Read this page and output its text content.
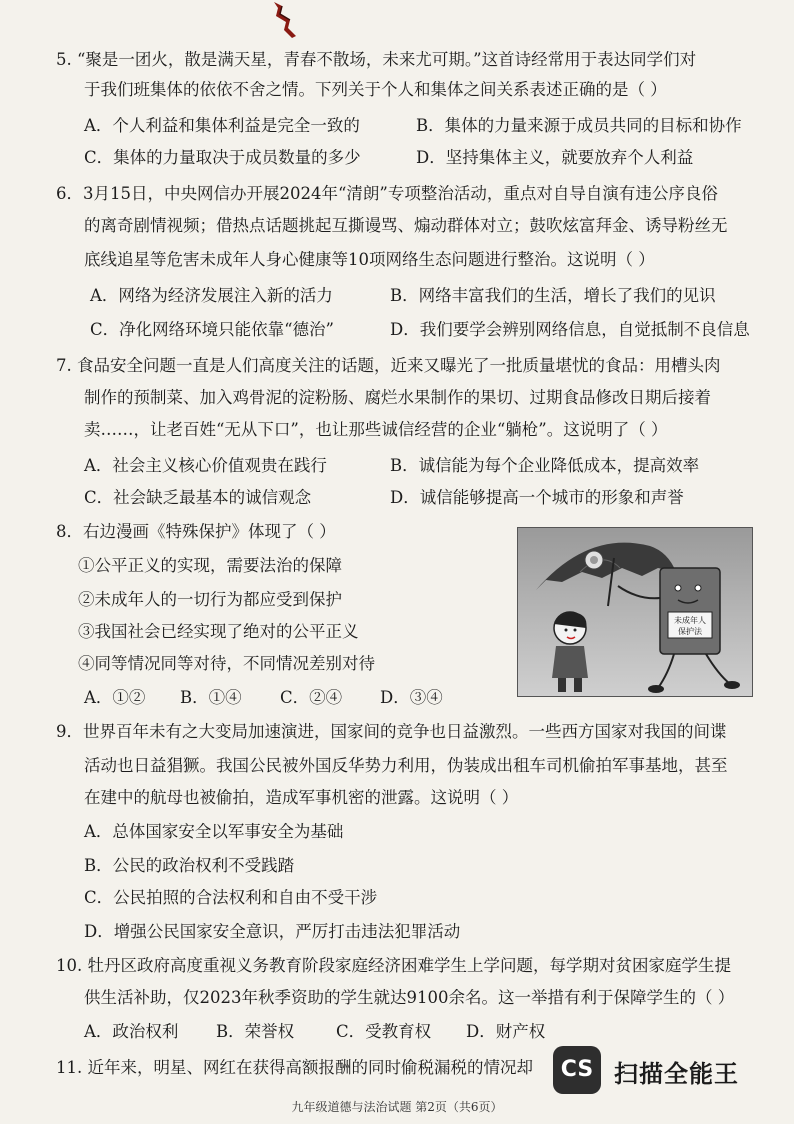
5. “聚是一团火，散是满天星，青春不散场，未来尤可期。”这首诗经常用于表达同学们对
于我们班集体的依依不舍之情。下列关于个人和集体之间关系表述正确的是（ ）
A．个人利益和集体利益是完全一致的	B．集体的力量来源于成员共同的目标和协作
C．集体的力量取决于成员数量的多少	D．坚持集体主义，就要放弃个人利益
6．3月15日，中央网信办开展2024年“清朗”专项整治活动，重点对自导自演有违公序良俗
的离奇剧情视频；借热点话题挑起互撕谩骂、煽动群体对立；鼓吹炫富拜金、诱导粉丝无
底线追星等危害未成年人身心健康等10项网络生态问题进行整治。这说明（ ）
A．网络为经济发展注入新的活力	B．网络丰富我们的生活，增长了我们的见识
C．净化网络环境只能依靠“德治”	D．我们要学会辨别网络信息，自觉抵制不良信息
7. 食品安全问题一直是人们高度关注的话题，近来又曝光了一批质量堪忧的食品：用槽头肉
制作的预制菜、加入鸡骨泥的淀粉肠、腐烂水果制作的果切、过期食品修改日期后接着
卖……，让老百姓“无从下口”，也让那些诚信经营的企业“躺枪”。这说明了（ ）
A．社会主义核心价值观贵在践行	B．诚信能为每个企业降低成本，提高效率
C．社会缺乏最基本的诚信观念	D．诚信能够提高一个城市的形象和声誉
8．右边漫画《特殊保护》体现了（ ）
①公平正义的实现，需要法治的保障
②未成年人的一切行为都应受到保护
③我国社会已经实现了绝对的公平正义
④同等情况同等对待，不同情况差别对待
A．①② B．①④ C．②④ D．③④
未成年人
保护法
9．世界百年未有之大变局加速演进，国家间的竞争也日益激烈。一些西方国家对我国的间谍
活动也日益猖獗。我国公民被外国反华势力利用，伪装成出租车司机偷拍军事基地，甚至
在建中的航母也被偷拍，造成军事机密的泄露。这说明（ ）
A．总体国家安全以军事安全为基础
B．公民的政治权利不受践踏
C．公民拍照的合法权利和自由不受干涉
D．增强公民国家安全意识，严厉打击违法犯罪活动
10. 牡丹区政府高度重视义务教育阶段家庭经济困难学生上学问题，每学期对贫困家庭学生提
供生活补助，仅2023年秋季资助的学生就达9100余名。这一举措有利于保障学生的（ ）
A．政治权利 B．荣誉权	C．受教育权 D．财产权
11. 近年来，明星、网红在获得高额报酬的同时偷税漏税的情况却	CS 扫描全能王
九年级道德与法治试题 第2页（共6页）
